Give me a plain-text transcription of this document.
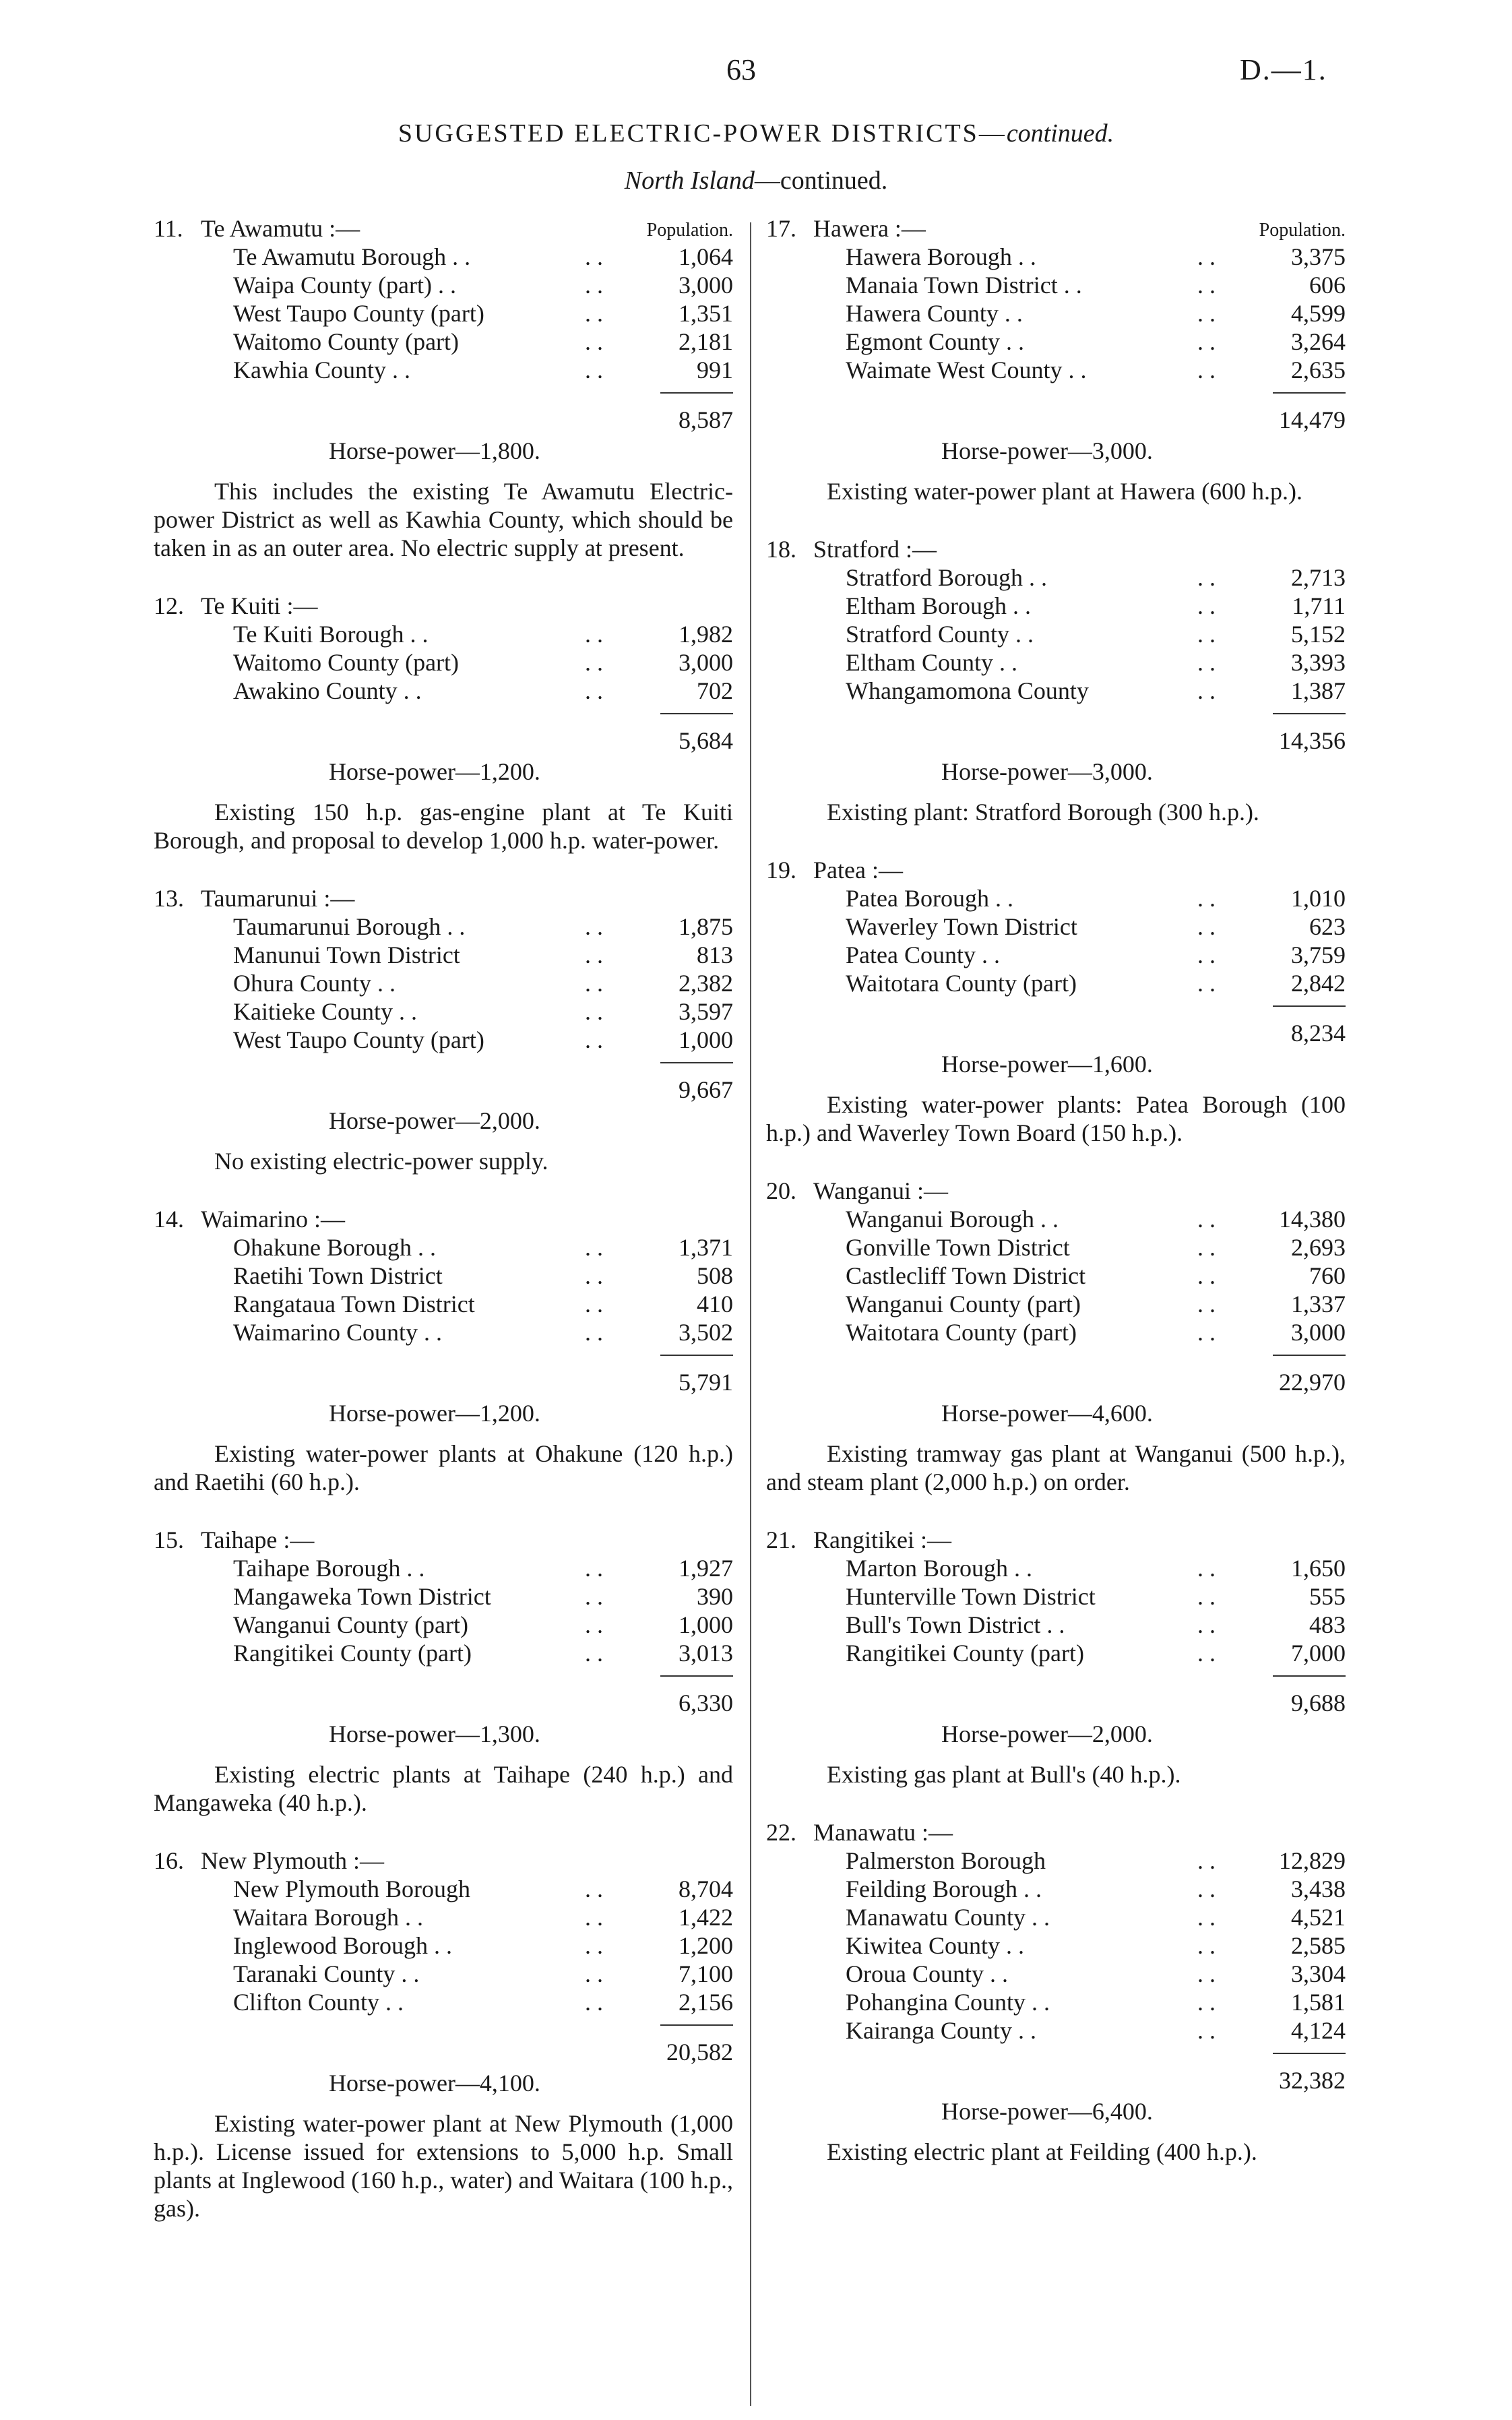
63	D.—1.
SUGGESTED ELECTRIC-POWER DISTRICTS—continued.
North Island—continued.
Population.
11. Te Awamutu :—
Te Awamutu Borough . .	. .	1,064
Waipa County (part) . .	. .	3,000
West Taupo County (part)	. .	1,351
Waitomo County (part)	. .	2,181
Kawhia County . .	. .	991
8,587
Horse-power—1,800.
This includes the existing Te Awamutu Electric-power District as well as Kawhia County, which should be taken in as an outer area. No electric supply at present.
12. Te Kuiti :—
Te Kuiti Borough . .	. .	1,982
Waitomo County (part)	. .	3,000
Awakino County . .	. .	702
5,684
Horse-power—1,200.
Existing 150 h.p. gas-engine plant at Te Kuiti Borough, and proposal to develop 1,000 h.p. water-power.
13. Taumarunui :—
Taumarunui Borough . .	. .	1,875
Manunui Town District	. .	813
Ohura County . .	. .	2,382
Kaitieke County . .	. .	3,597
West Taupo County (part)	. .	1,000
9,667
Horse-power—2,000.
No existing electric-power supply.
14. Waimarino :—
Ohakune Borough . .	. .	1,371
Raetihi Town District	. .	508
Rangataua Town District	. .	410
Waimarino County . .	. .	3,502
5,791
Horse-power—1,200.
Existing water-power plants at Ohakune (120 h.p.) and Raetihi (60 h.p.).
15. Taihape :—
Taihape Borough . .	. .	1,927
Mangaweka Town District	. .	390
Wanganui County (part)	. .	1,000
Rangitikei County (part)	. .	3,013
6,330
Horse-power—1,300.
Existing electric plants at Taihape (240 h.p.) and Mangaweka (40 h.p.).
16. New Plymouth :—
New Plymouth Borough	. .	8,704
Waitara Borough . .	. .	1,422
Inglewood Borough . .	. .	1,200
Taranaki County . .	. .	7,100
Clifton County . .	. .	2,156
20,582
Horse-power—4,100.
Existing water-power plant at New Plymouth (1,000 h.p.). License issued for extensions to 5,000 h.p. Small plants at Inglewood (160 h.p., water) and Waitara (100 h.p., gas).
Population.
17. Hawera :—
Hawera Borough . .	. .	3,375
Manaia Town District . .	. .	606
Hawera County . .	. .	4,599
Egmont County . .	. .	3,264
Waimate West County . .	. .	2,635
14,479
Horse-power—3,000.
Existing water-power plant at Hawera (600 h.p.).
18. Stratford :—
Stratford Borough . .	. .	2,713
Eltham Borough . .	. .	1,711
Stratford County . .	. .	5,152
Eltham County . .	. .	3,393
Whangamomona County	. .	1,387
14,356
Horse-power—3,000.
Existing plant: Stratford Borough (300 h.p.).
19. Patea :—
Patea Borough . .	. .	1,010
Waverley Town District	. .	623
Patea County . .	. .	3,759
Waitotara County (part)	. .	2,842
8,234
Horse-power—1,600.
Existing water-power plants: Patea Borough (100 h.p.) and Waverley Town Board (150 h.p.).
20. Wanganui :—
Wanganui Borough . .	. .	14,380
Gonville Town District	. .	2,693
Castlecliff Town District	. .	760
Wanganui County (part)	. .	1,337
Waitotara County (part)	. .	3,000
22,970
Horse-power—4,600.
Existing tramway gas plant at Wanganui (500 h.p.), and steam plant (2,000 h.p.) on order.
21. Rangitikei :—
Marton Borough . .	. .	1,650
Hunterville Town District	. .	555
Bull's Town District . .	. .	483
Rangitikei County (part)	. .	7,000
9,688
Horse-power—2,000.
Existing gas plant at Bull's (40 h.p.).
22. Manawatu :—
Palmerston Borough	. .	12,829
Feilding Borough . .	. .	3,438
Manawatu County . .	. .	4,521
Kiwitea County . .	. .	2,585
Oroua County . .	. .	3,304
Pohangina County . .	. .	1,581
Kairanga County . .	. .	4,124
32,382
Horse-power—6,400.
Existing electric plant at Feilding (400 h.p.).
